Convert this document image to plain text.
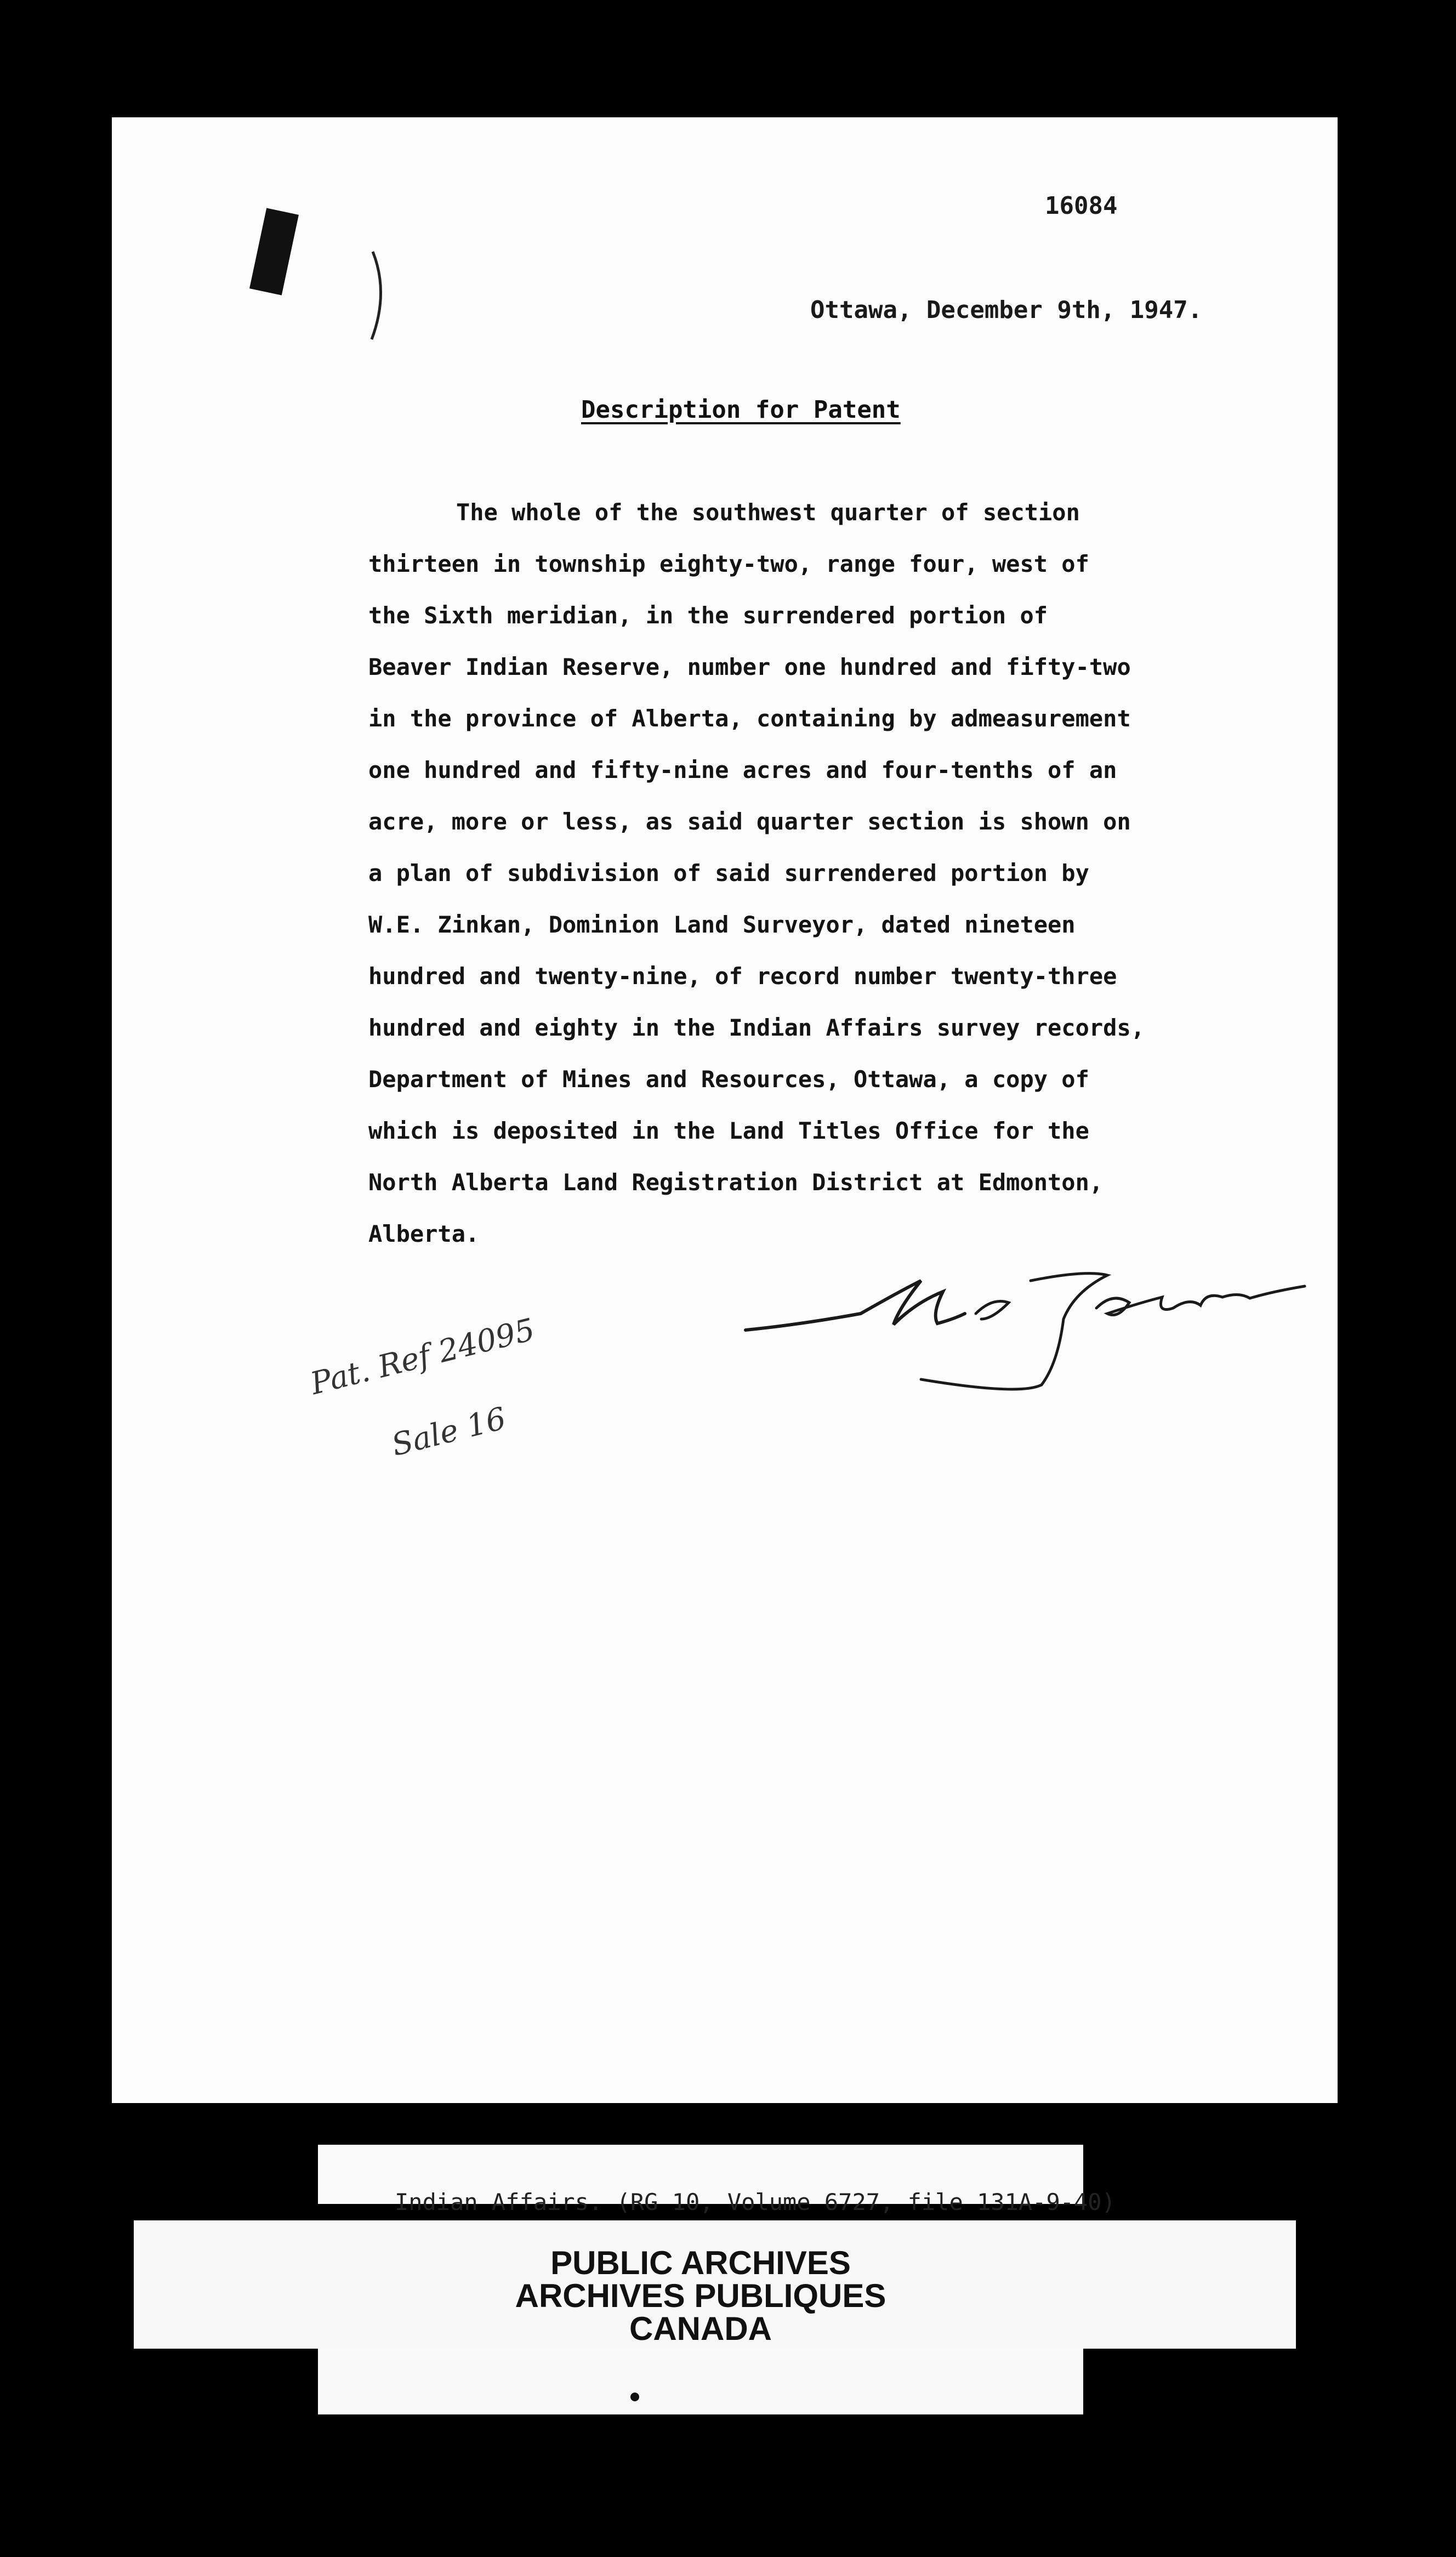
16084
Ottawa, December 9th, 1947.
Description for Patent
The whole of the southwest quarter of section
thirteen in township eighty-two, range four, west of
the Sixth meridian, in the surrendered portion of
Beaver Indian Reserve, number one hundred and fifty-two
in the province of Alberta, containing by admeasurement
one hundred and fifty-nine acres and four-tenths of an
acre, more or less, as said quarter section is shown on
a plan of subdivision of said surrendered portion by
W.E. Zinkan, Dominion Land Surveyor, dated nineteen
hundred and twenty-nine, of record number twenty-three
hundred and eighty in the Indian Affairs survey records,
Department of Mines and Resources, Ottawa, a copy of
which is deposited in the Land Titles Office for the
North Alberta Land Registration District at Edmonton,
Alberta.
Pat. Ref 24095
Sale 16
Indian Affairs. (RG 10, Volume 6727, file 131A-9-40)
PUBLIC ARCHIVES
ARCHIVES PUBLIQUES
CANADA
